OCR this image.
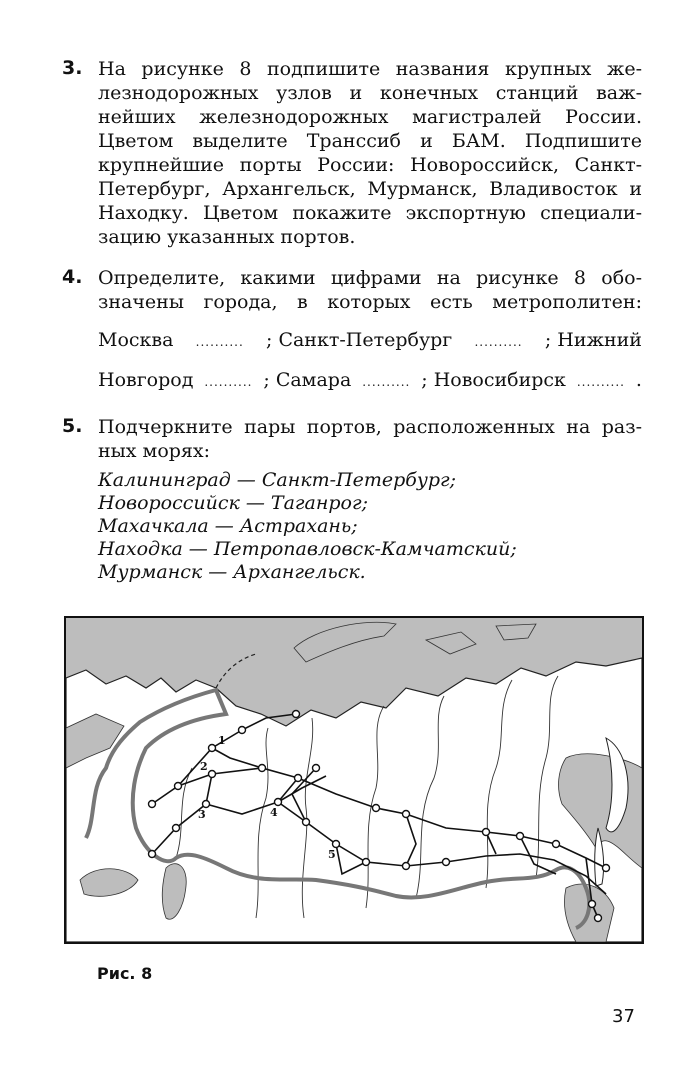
3. На рисунке 8 подпишите названия крупных же-
лезнодорожных узлов и конечных станций важ-
нейших железнодорожных магистралей России.
Цветом выделите Транссиб и БАМ. Подпишите
крупнейшие порты России: Новороссийск, Санкт-
Петербург, Архангельск, Мурманск, Владивосток и
Находку. Цветом покажите экспортную специали-
зацию указанных портов.
4. Определите, какими цифрами на рисунке 8 обо-
значены города, в которых есть метрополитен:
Москва .......... ; Санкт-Петербург .......... ; Нижний
Новгород .......... ; Самара .......... ; Новосибирск .......... .
5. Подчеркните пары портов, расположенных на раз-
ных морях:
Калининград — Санкт-Петербург;
Новороссийск — Таганрог;
Махачкала — Астрахань;
Находка — Петропавловск-Камчатский;
Мурманск — Архангельск.
1
2
3	4
5
Рис. 8
37
